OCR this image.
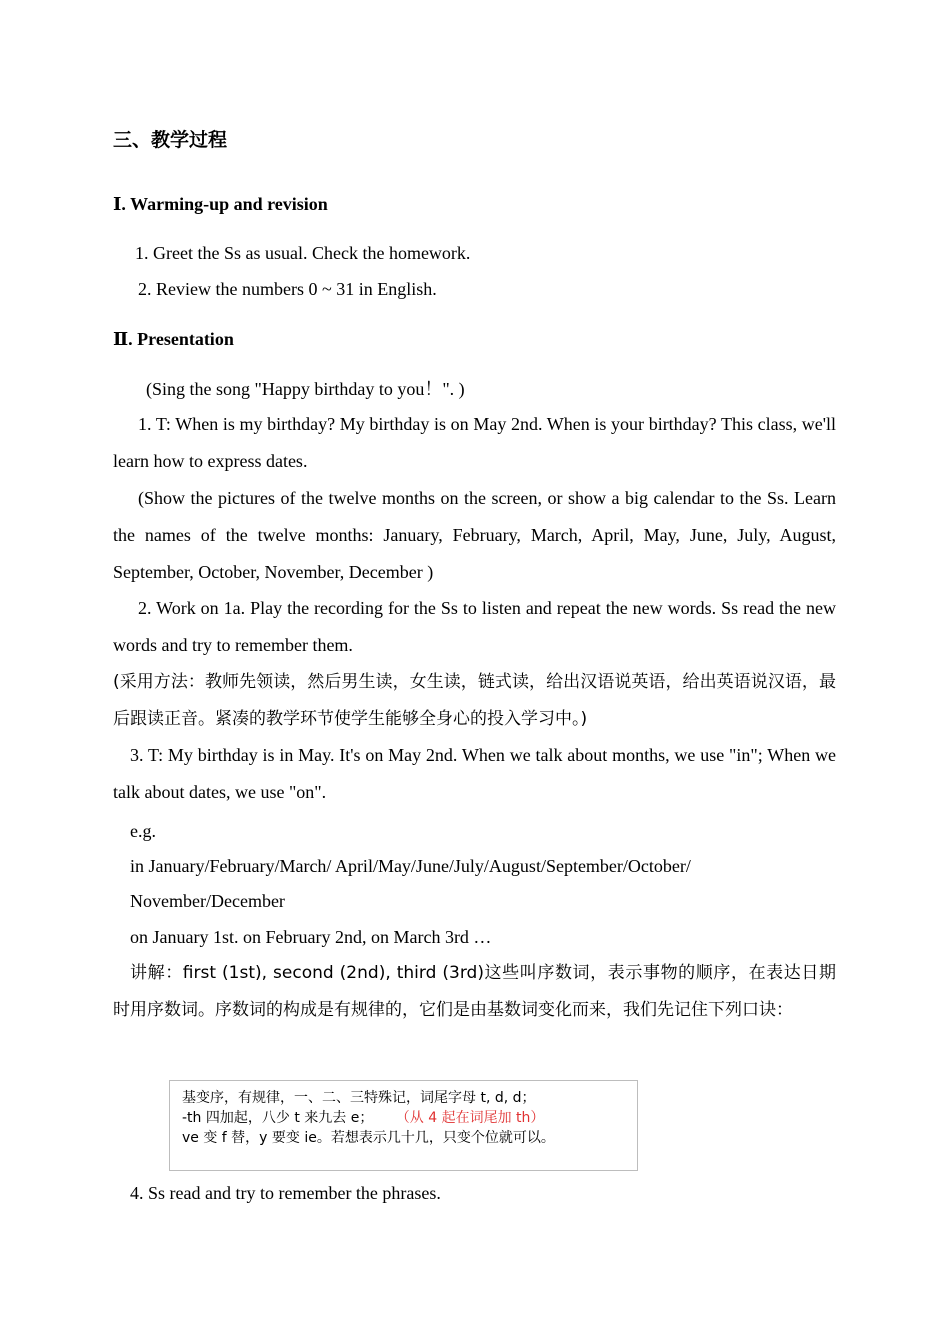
三、教学过程
Ⅰ. Warming-up and revision
1. Greet the Ss as usual. Check the homework.
2. Review the numbers 0 ~ 31 in English.
Ⅱ. Presentation
(Sing the song "Happy birthday to you！". )
1. T: When is my birthday? My birthday is on May 2nd. When is your birthday? This class, we'll learn how to express dates.
(Show the pictures of the twelve months on the screen, or show a big calendar to the Ss. Learn the names of the twelve months: January, February, March, April, May, June, July, August, September, October, November, December )
2. Work on 1a. Play the recording for the Ss to listen and repeat the new words. Ss read the new words and try to remember them.
(采用方法：教师先领读，然后男生读，女生读，链式读，给出汉语说英语，给出英语说汉语，最后跟读正音。紧凑的教学环节使学生能够全身心的投入学习中。)
3. T: My birthday is in May. It's on May 2nd. When we talk about months, we use "in"; When we talk about dates, we use "on".
e.g.
in January/February/March/ April/May/June/July/August/September/October/
November/December
on January 1st. on February 2nd, on March 3rd …
讲解：first (1st), second (2nd), third (3rd)这些叫序数词，表示事物的顺序，在表达日期时用序数词。序数词的构成是有规律的，它们是由基数词变化而来，我们先记住下列口诀：
基变序，有规律，一、二、三特殊记，词尾字母 t, d, d；
-th 四加起，八少 t 来九去 e； （从 4 起在词尾加 th）
ve 变 f 替，y 要变 ie。若想表示几十几，只变个位就可以。
4. Ss read and try to remember the phrases.
